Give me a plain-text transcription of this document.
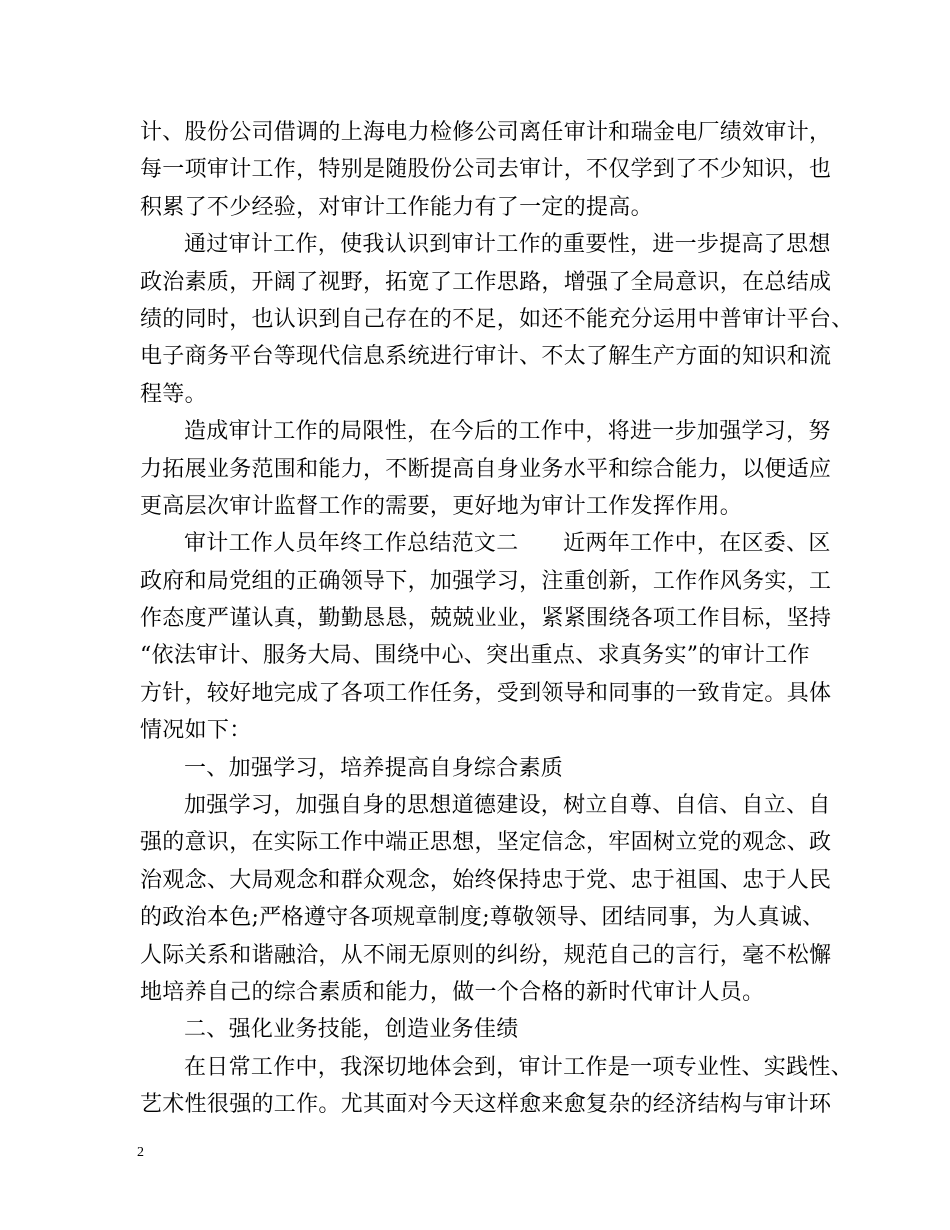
计、股份公司借调的上海电力检修公司离任审计和瑞金电厂绩效审计，
每一项审计工作，特别是随股份公司去审计，不仅学到了不少知识，也
积累了不少经验，对审计工作能力有了一定的提高。
通过审计工作，使我认识到审计工作的重要性，进一步提高了思想
政治素质，开阔了视野，拓宽了工作思路，增强了全局意识，在总结成
绩的同时，也认识到自己存在的不足，如还不能充分运用中普审计平台、
电子商务平台等现代信息系统进行审计、不太了解生产方面的知识和流
程等。
造成审计工作的局限性，在今后的工作中，将进一步加强学习，努
力拓展业务范围和能力，不断提高自身业务水平和综合能力，以便适应
更高层次审计监督工作的需要，更好地为审计工作发挥作用。
审计工作人员年终工作总结范文二　　近两年工作中，在区委、区
政府和局党组的正确领导下，加强学习，注重创新，工作作风务实，工
作态度严谨认真，勤勤恳恳，兢兢业业，紧紧围绕各项工作目标，坚持
“依法审计、服务大局、围绕中心、突出重点、求真务实”的审计工作
方针，较好地完成了各项工作任务，受到领导和同事的一致肯定。具体
情况如下：
一、加强学习，培养提高自身综合素质
加强学习，加强自身的思想道德建设，树立自尊、自信、自立、自
强的意识，在实际工作中端正思想，坚定信念，牢固树立党的观念、政
治观念、大局观念和群众观念，始终保持忠于党、忠于祖国、忠于人民
的政治本色;严格遵守各项规章制度;尊敬领导、团结同事，为人真诚、
人际关系和谐融洽，从不闹无原则的纠纷，规范自己的言行，毫不松懈
地培养自己的综合素质和能力，做一个合格的新时代审计人员。
二、强化业务技能，创造业务佳绩
在日常工作中，我深切地体会到，审计工作是一项专业性、实践性、
艺术性很强的工作。尤其面对今天这样愈来愈复杂的经济结构与审计环
2
